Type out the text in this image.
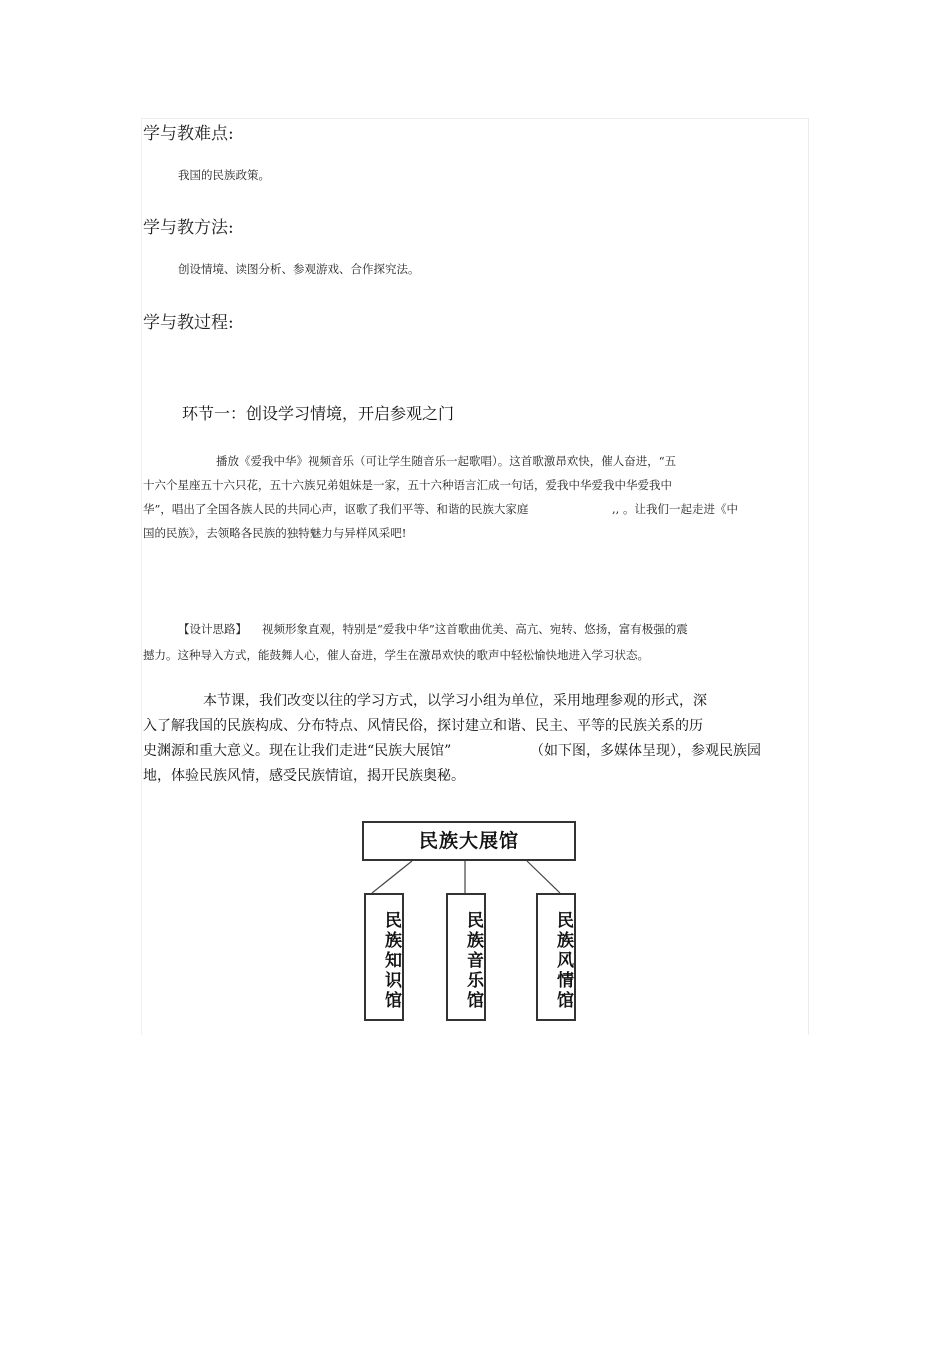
学与教难点:
我国的民族政策。
学与教方法:
创设情境、读图分析、参观游戏、合作探究法。
学与教过程:
环节一：创设学习情境，开启参观之门
播放《爱我中华》视频音乐（可让学生随音乐一起歌唱）。这首歌激昂欢快，催人奋进，“五
十六个星座五十六只花，五十六族兄弟姐妹是一家，五十六种语言汇成一句话，爱我中华爱我中华爱我中
华”，唱出了全国各族人民的共同心声，讴歌了我们平等、和谐的民族大家庭	,, 。让我们一起走进《中
国的民族》，去领略各民族的独特魅力与异样风采吧!
【设计思路】 视频形象直观，特别是“爱我中华”这首歌曲优美、高亢、宛转、悠扬，富有极强的震
撼力。这种导入方式，能鼓舞人心，催人奋进，学生在激昂欢快的歌声中轻松愉快地进入学习状态。
本节课，我们改变以往的学习方式，以学习小组为单位，采用地理参观的形式，深
入了解我国的民族构成、分布特点、风情民俗，探讨建立和谐、民主、平等的民族关系的历
史渊源和重大意义。现在让我们走进“民族大展馆”	（如下图，多媒体呈现），参观民族园
地，体验民族风情，感受民族情谊，揭开民族奥秘。
民族大展馆
民族知识馆	民族音乐馆	民族风情馆
